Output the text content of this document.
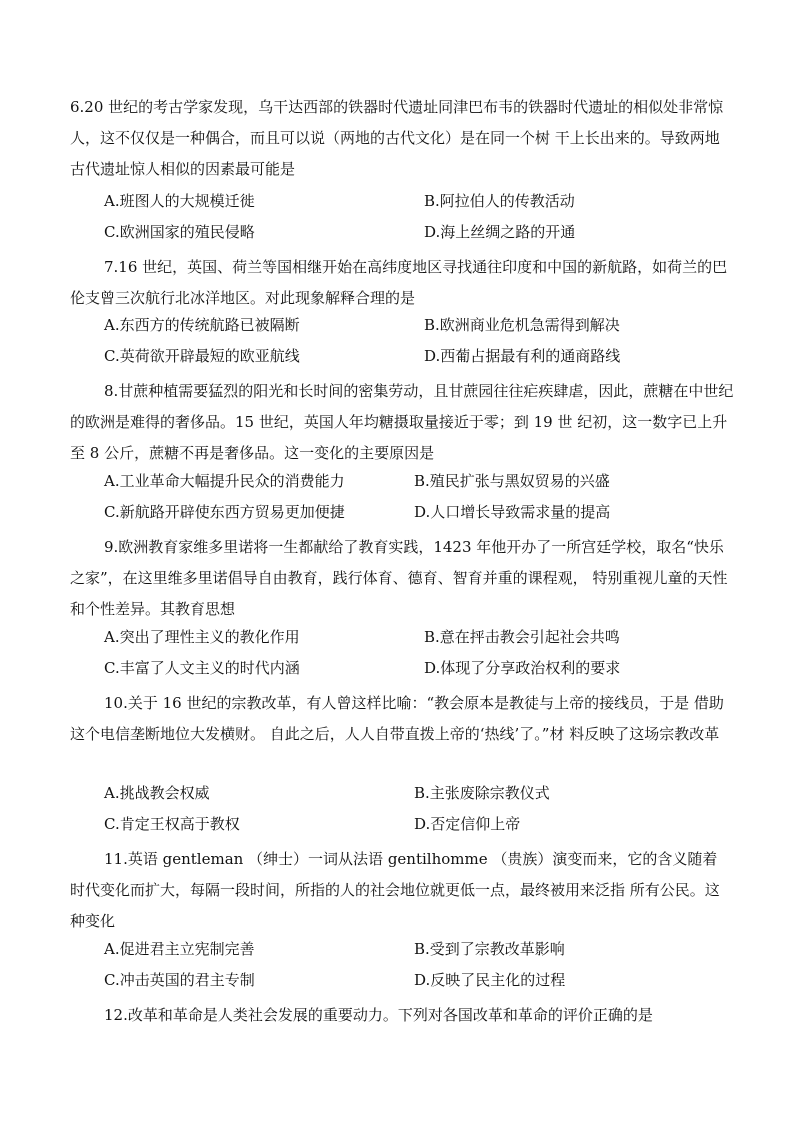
6.20 世纪的考古学家发现，乌干达西部的铁器时代遗址同津巴布韦的铁器时代遗址的相似处非常惊人，这不仅仅是一种偶合，而且可以说（两地的古代文化）是在同一个树 干上长出来的。导致两地古代遗址惊人相似的因素最可能是
A.班图人的大规模迁徙	B.阿拉伯人的传教活动
C.欧洲国家的殖民侵略	D.海上丝绸之路的开通
7.16 世纪，英国、荷兰等国相继开始在高纬度地区寻找通往印度和中国的新航路，如荷兰的巴伦支曾三次航行北冰洋地区。对此现象解释合理的是
A.东西方的传统航路已被隔断	B.欧洲商业危机急需得到解决
C.英荷欲开辟最短的欧亚航线	D.西葡占据最有利的通商路线
8.甘蔗种植需要猛烈的阳光和长时间的密集劳动，且甘蔗园往往疟疾肆虐，因此，蔗糖在中世纪的欧洲是难得的奢侈品。15 世纪，英国人年均糖摄取量接近于零；到 19 世 纪初，这一数字已上升至 8 公斤，蔗糖不再是奢侈品。这一变化的主要原因是
A.工业革命大幅提升民众的消费能力	B.殖民扩张与黑奴贸易的兴盛
C.新航路开辟使东西方贸易更加便捷	D.人口增长导致需求量的提高
9.欧洲教育家维多里诺将一生都献给了教育实践，1423 年他开办了一所宫廷学校，取名“快乐之家”，在这里维多里诺倡导自由教育，践行体育、德育、智育并重的课程观， 特别重视儿童的天性和个性差异。其教育思想
A.突出了理性主义的教化作用	B.意在抨击教会引起社会共鸣
C.丰富了人文主义的时代内涵	D.体现了分享政治权利的要求
10.关于 16 世纪的宗教改革，有人曾这样比喻：“教会原本是教徒与上帝的接线员，于是 借助这个电信垄断地位大发横财。 自此之后，人人自带直拨上帝的‘热线’了。”材 料反映了这场宗教改革
A.挑战教会权威	B.主张废除宗教仪式
C.肯定王权高于教权	D.否定信仰上帝
11.英语 gentleman （绅士）一词从法语 gentilhomme （贵族）演变而来，它的含义随着 时代变化而扩大，每隔一段时间，所指的人的社会地位就更低一点，最终被用来泛指 所有公民。这种变化
A.促进君主立宪制完善	B.受到了宗教改革影响
C.冲击英国的君主专制	D.反映了民主化的过程
12.改革和革命是人类社会发展的重要动力。下列对各国改革和革命的评价正确的是
